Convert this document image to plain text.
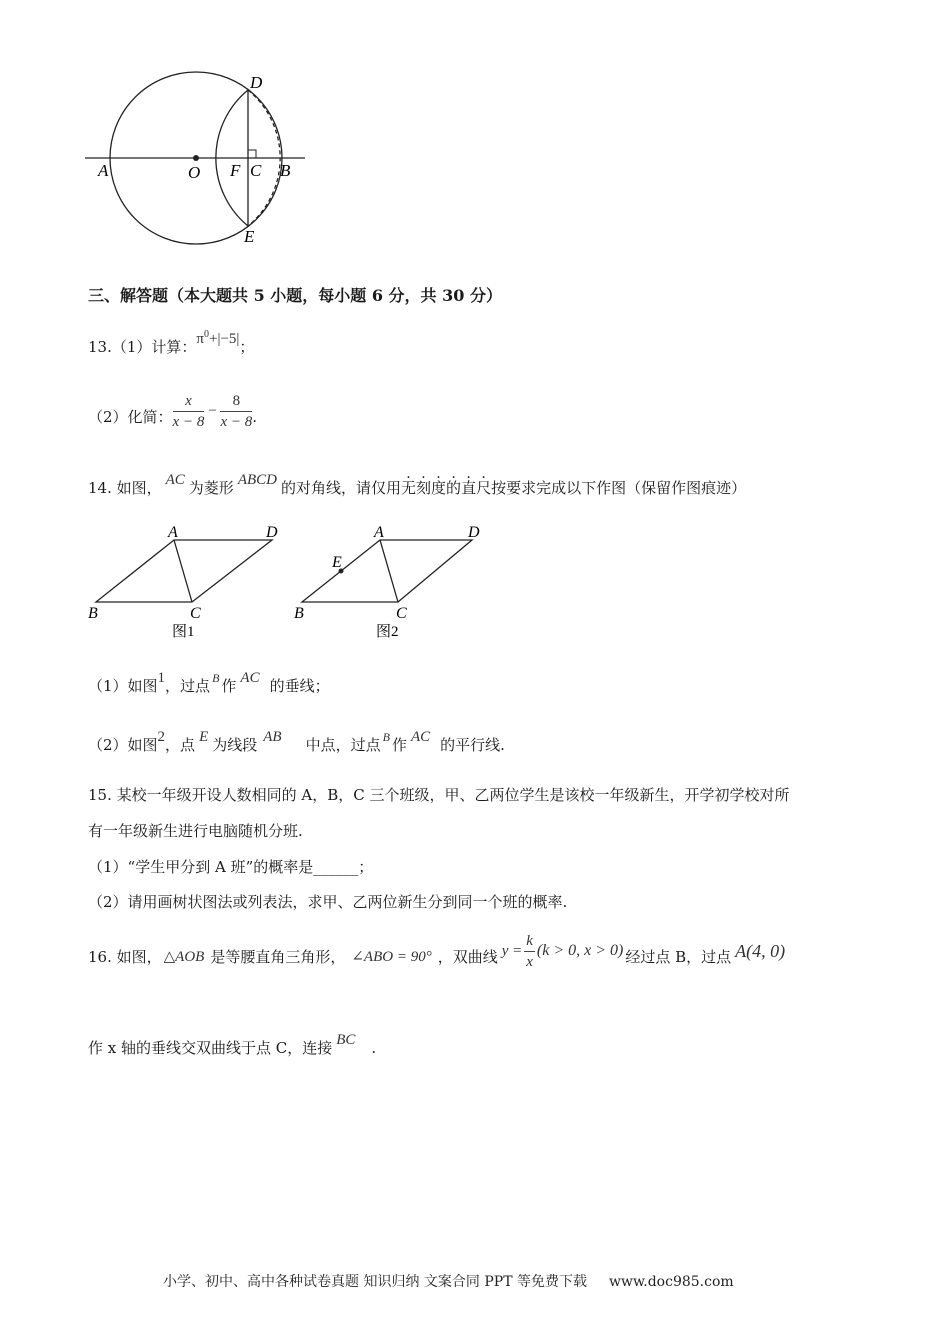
A	O F C B
D
E
三、解答题（本大题共 5 小题，每小题 6 分，共 30 分）
13.（1）计算：$\pi^0+|-5|$；
（2）化简： $\frac{x}{x - 8} - \frac{8}{x - 8}$ .
14. 如图， AC 为菱形 ABCD 的对角线，请仅用无刻度的直尺按要求完成以下作图（保留作图痕迹）
A	D
B	C
图1
A	D
B	C
E
图2
（1）如图1，过点 $^B$ 作 AC 的垂线；
（2）如图2，点 E 为线段 AB 中点，过点 $^B$ 作 AC 的平行线.
15. 某校一年级开设人数相同的 A，B，C 三个班级，甲、乙两位学生是该校一年级新生，开学初学校对所
有一年级新生进行电脑随机分班.
（1）“学生甲分到 A 班”的概率是______；
（2）请用画树状图法或列表法，求甲、乙两位新生分到同一个班的概率.
16. 如图， △AOB 是等腰直角三角形， ∠ABO = 90° ，双曲线 $y = \frac{k}{x} (k > 0$, x > 0) 经过点 B，过点 A(4, 0)
作 x 轴的垂线交双曲线于点 C，连接 BC .
小学、初中、高中各种试卷真题 知识归纳 文案合同 PPT 等免费下载 www.doc985.com
